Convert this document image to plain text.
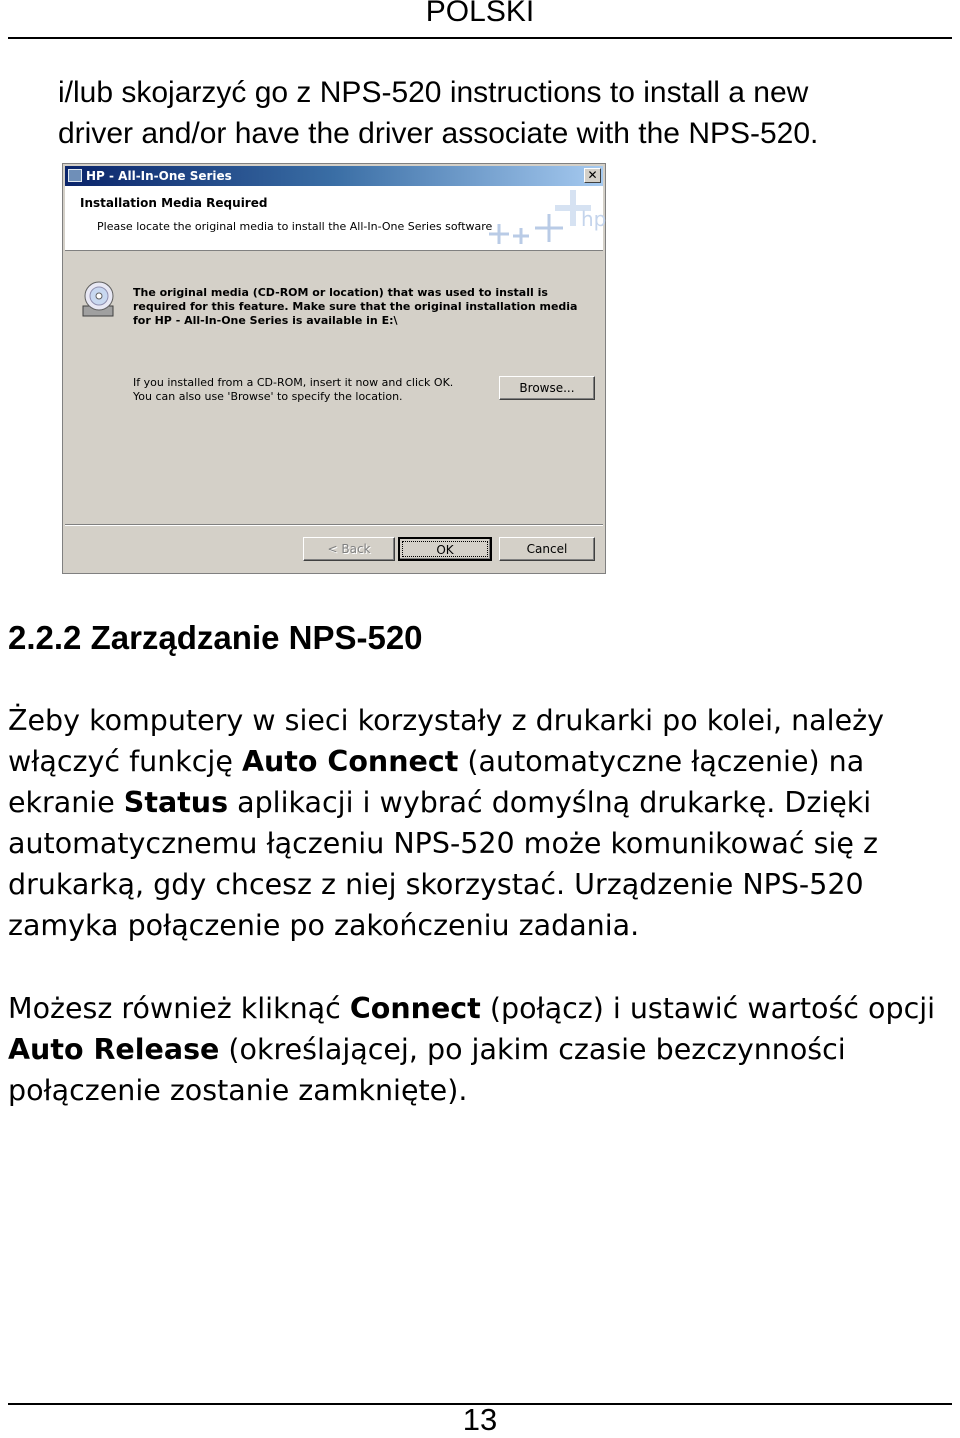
POLSKI
i/lub skojarzyć go z NPS-520 instructions to install a new
driver and/or have the driver associate with the NPS-520.
HP - All-In-One Series	✕
Installation Media Required
Please locate the original media to install the All-In-One Series software	hp
The original media (CD-ROM or location) that was used to install is required for this feature. Make sure that the original installation media for HP - All-In-One Series is available in E:\
If you installed from a CD-ROM, insert it now and click OK. You can also use 'Browse' to specify the location.
Browse...
< Back	OK	Cancel
2.2.2 Zarządzanie NPS-520

Żeby komputery w sieci korzystały z drukarki po kolei, należy włączyć funkcję Auto Connect (automatyczne łączenie) na ekranie Status aplikacji i wybrać domyślną drukarkę. Dzięki automatycznemu łączeniu NPS-520 może komunikować się z drukarką, gdy chcesz z niej skorzystać. Urządzenie NPS-520 zamyka połączenie po zakończeniu zadania.

Możesz również kliknąć Connect (połącz) i ustawić wartość opcji Auto Release (określającej, po jakim czasie bezczynności połączenie zostanie zamknięte).

13
